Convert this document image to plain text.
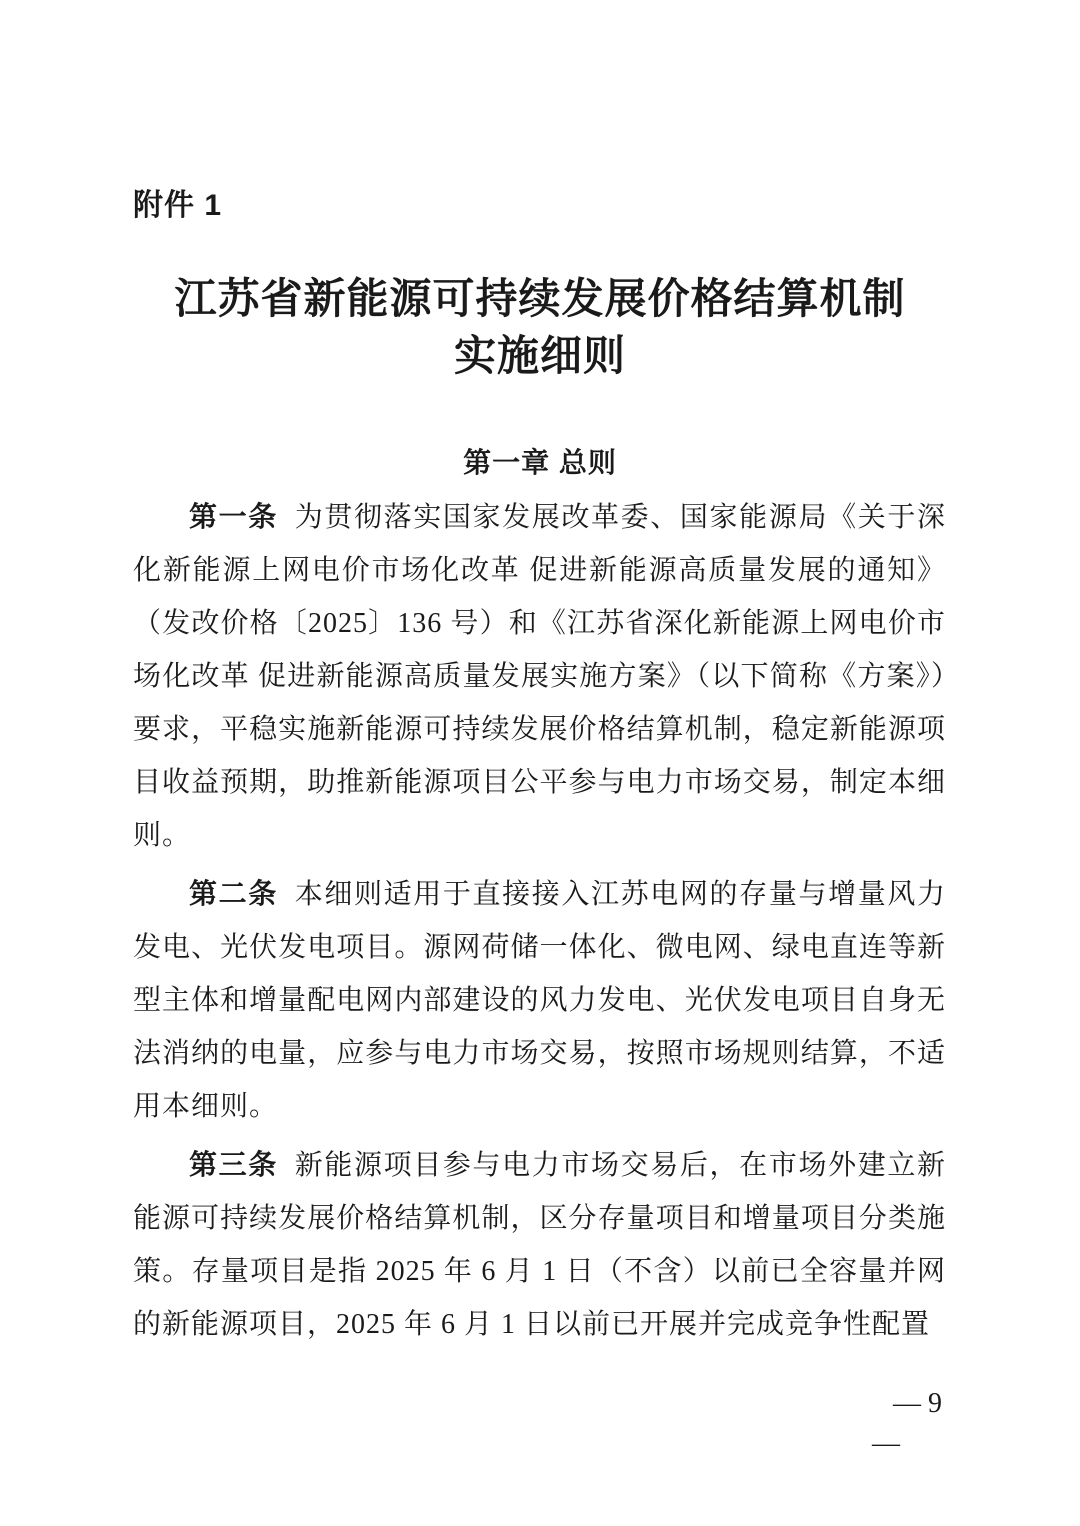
附件 1
江苏省新能源可持续发展价格结算机制
实施细则
第一章 总则

第一条 为贯彻落实国家发展改革委、国家能源局《关于深化新能源上网电价市场化改革 促进新能源高质量发展的通知》（发改价格〔2025〕136 号）和《江苏省深化新能源上网电价市场化改革 促进新能源高质量发展实施方案》（以下简称《方案》）要求，平稳实施新能源可持续发展价格结算机制，稳定新能源项目收益预期，助推新能源项目公平参与电力市场交易，制定本细则。

第二条 本细则适用于直接接入江苏电网的存量与增量风力发电、光伏发电项目。源网荷储一体化、微电网、绿电直连等新型主体和增量配电网内部建设的风力发电、光伏发电项目自身无法消纳的电量，应参与电力市场交易，按照市场规则结算，不适用本细则。

第三条 新能源项目参与电力市场交易后，在市场外建立新能源可持续发展价格结算机制，区分存量项目和增量项目分类施策。存量项目是指 2025 年 6 月 1 日（不含）以前已全容量并网的新能源项目，2025 年 6 月 1 日以前已开展并完成竞争性配置

— 9
—
